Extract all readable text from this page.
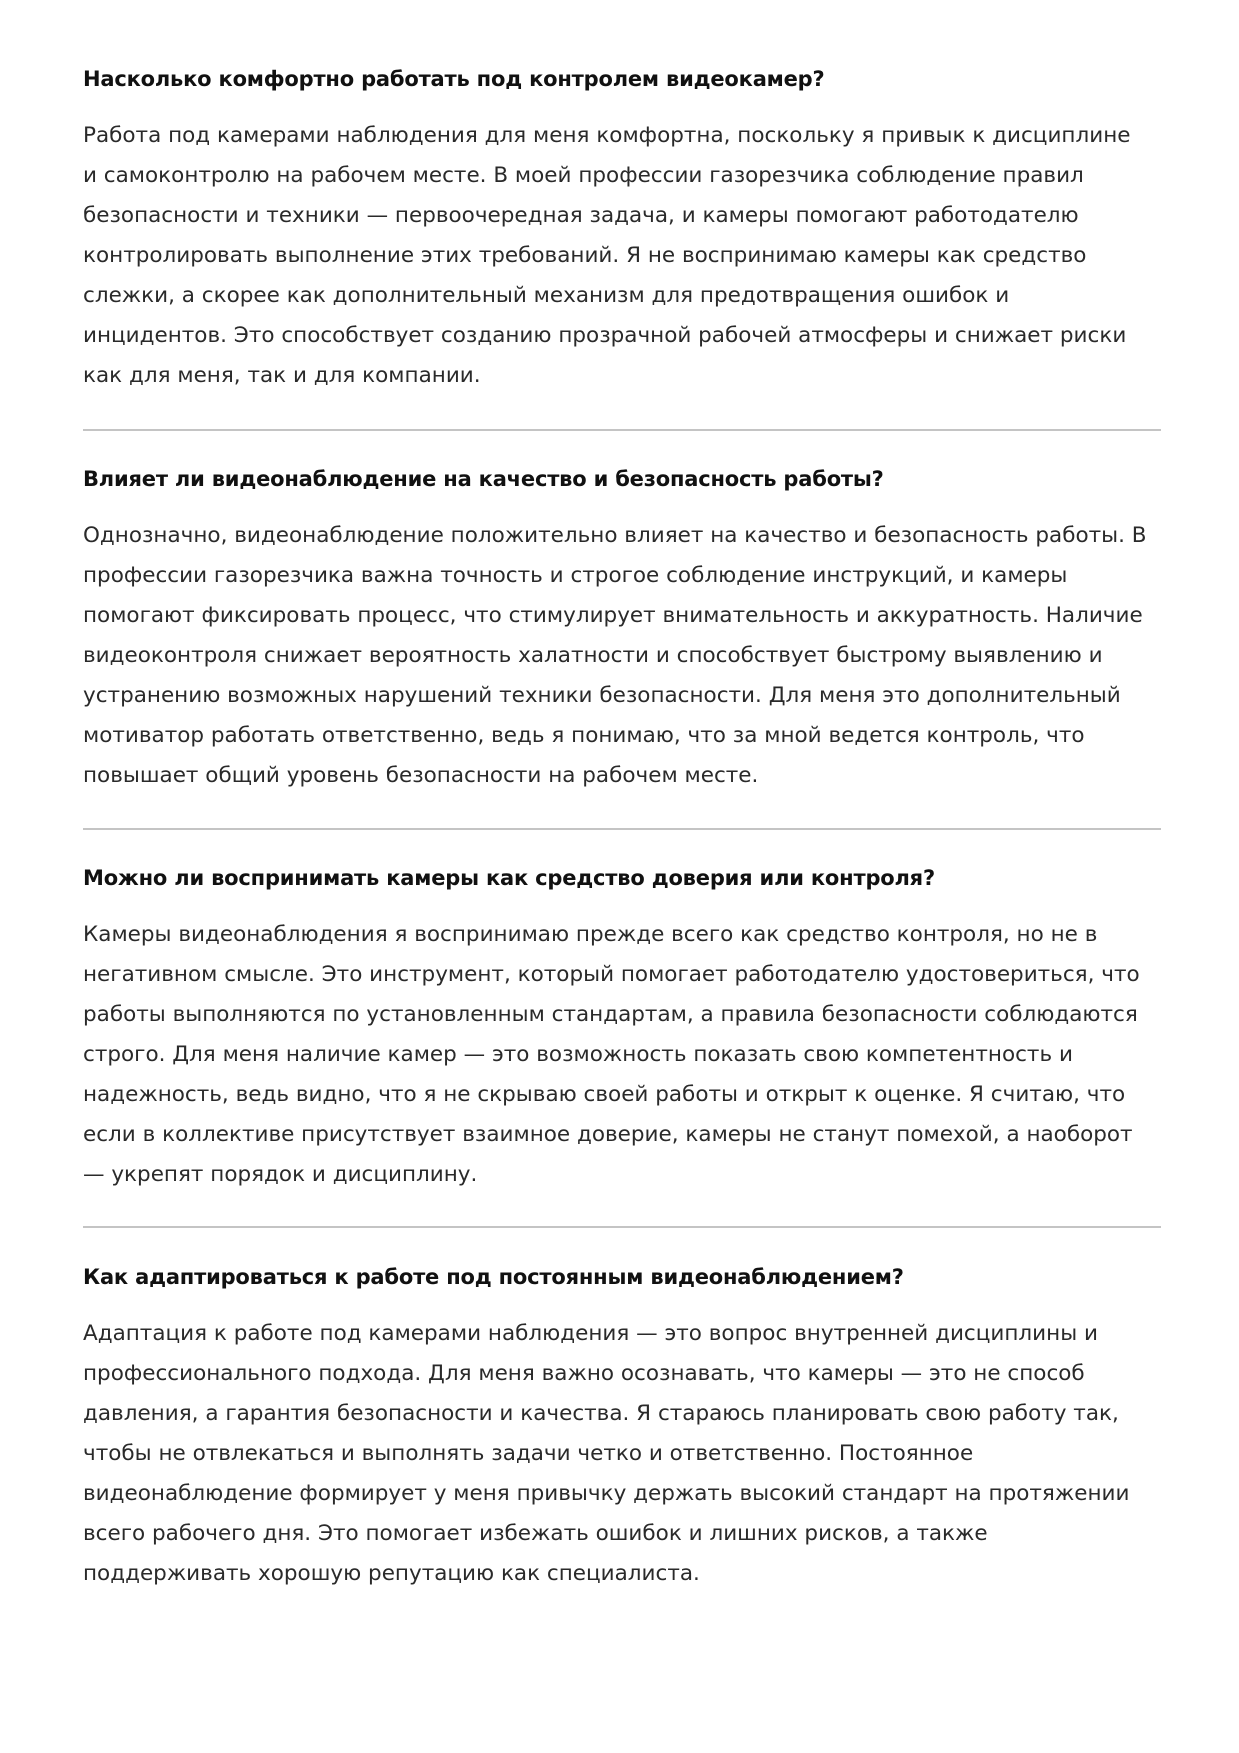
Насколько комфортно работать под контролем видеокамер?

Работа под камерами наблюдения для меня комфортна, поскольку я привык к дисциплине
и самоконтролю на рабочем месте. В моей профессии газорезчика соблюдение правил
безопасности и техники — первоочередная задача, и камеры помогают работодателю
контролировать выполнение этих требований. Я не воспринимаю камеры как средство
слежки, а скорее как дополнительный механизм для предотвращения ошибок и
инцидентов. Это способствует созданию прозрачной рабочей атмосферы и снижает риски
как для меня, так и для компании.

Влияет ли видеонаблюдение на качество и безопасность работы?

Однозначно, видеонаблюдение положительно влияет на качество и безопасность работы. В
профессии газорезчика важна точность и строгое соблюдение инструкций, и камеры
помогают фиксировать процесс, что стимулирует внимательность и аккуратность. Наличие
видеоконтроля снижает вероятность халатности и способствует быстрому выявлению и
устранению возможных нарушений техники безопасности. Для меня это дополнительный
мотиватор работать ответственно, ведь я понимаю, что за мной ведется контроль, что
повышает общий уровень безопасности на рабочем месте.

Можно ли воспринимать камеры как средство доверия или контроля?

Камеры видеонаблюдения я воспринимаю прежде всего как средство контроля, но не в
негативном смысле. Это инструмент, который помогает работодателю удостовериться, что
работы выполняются по установленным стандартам, а правила безопасности соблюдаются
строго. Для меня наличие камер — это возможность показать свою компетентность и
надежность, ведь видно, что я не скрываю своей работы и открыт к оценке. Я считаю, что
если в коллективе присутствует взаимное доверие, камеры не станут помехой, а наоборот
— укрепят порядок и дисциплину.

Как адаптироваться к работе под постоянным видеонаблюдением?

Адаптация к работе под камерами наблюдения — это вопрос внутренней дисциплины и
профессионального подхода. Для меня важно осознавать, что камеры — это не способ
давления, а гарантия безопасности и качества. Я стараюсь планировать свою работу так,
чтобы не отвлекаться и выполнять задачи четко и ответственно. Постоянное
видеонаблюдение формирует у меня привычку держать высокий стандарт на протяжении
всего рабочего дня. Это помогает избежать ошибок и лишних рисков, а также
поддерживать хорошую репутацию как специалиста.
